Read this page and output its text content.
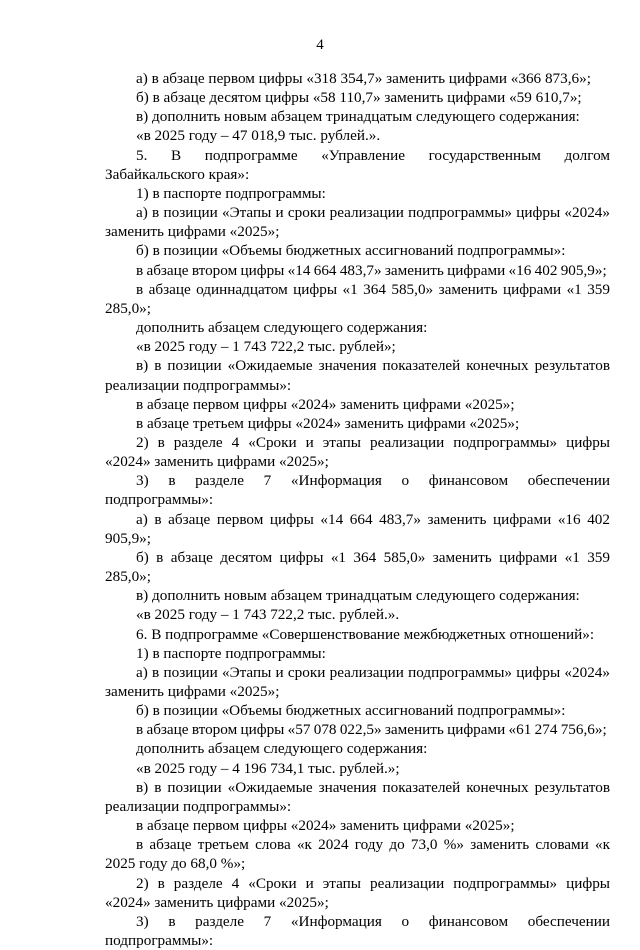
4

а) в абзаце первом цифры «318 354,7» заменить цифрами «366 873,6»;

б) в абзаце десятом цифры «58 110,7» заменить цифрами «59 610,7»;

в) дополнить новым абзацем тринадцатым следующего содержания:

«в 2025 году – 47 018,9 тыс. рублей.».

5. В подпрограмме «Управление государственным долгом Забайкальского края»:

1) в паспорте подпрограммы:

а) в позиции «Этапы и сроки реализации подпрограммы» цифры «2024» заменить цифрами «2025»;

б) в позиции «Объемы бюджетных ассигнований подпрограммы»:

в абзаце втором цифры «14 664 483,7» заменить цифрами «16 402 905,9»;

в абзаце одиннадцатом цифры «1 364 585,0» заменить цифрами «1 359 285,0»;

дополнить абзацем следующего содержания:

«в 2025 году – 1 743 722,2 тыс. рублей»;

в) в позиции «Ожидаемые значения показателей конечных результатов реализации подпрограммы»:

в абзаце первом цифры «2024» заменить цифрами «2025»;

в абзаце третьем цифры «2024» заменить цифрами «2025»;

2) в разделе 4 «Сроки и этапы реализации подпрограммы» цифры «2024» заменить цифрами «2025»;

3) в разделе 7 «Информация о финансовом обеспечении подпрограммы»:

а) в абзаце первом цифры «14 664 483,7» заменить цифрами «16 402 905,9»;

б) в абзаце десятом цифры «1 364 585,0» заменить цифрами «1 359 285,0»;

в) дополнить новым абзацем тринадцатым следующего содержания:

«в 2025 году – 1 743 722,2 тыс. рублей.».

6. В подпрограмме «Совершенствование межбюджетных отношений»:

1) в паспорте подпрограммы:

а) в позиции «Этапы и сроки реализации подпрограммы» цифры «2024» заменить цифрами «2025»;

б) в позиции «Объемы бюджетных ассигнований подпрограммы»:

в абзаце втором цифры «57 078 022,5» заменить цифрами «61 274 756,6»;

дополнить абзацем следующего содержания:

«в 2025 году – 4 196 734,1 тыс. рублей.»;

в) в позиции «Ожидаемые значения показателей конечных результатов реализации подпрограммы»:

в абзаце первом цифры «2024» заменить цифрами «2025»;

в абзаце третьем слова «к 2024 году до 73,0 %» заменить словами «к 2025 году до 68,0 %»;

2) в разделе 4 «Сроки и этапы реализации подпрограммы» цифры «2024» заменить цифрами «2025»;

3) в разделе 7 «Информация о финансовом обеспечении подпрограммы»:
